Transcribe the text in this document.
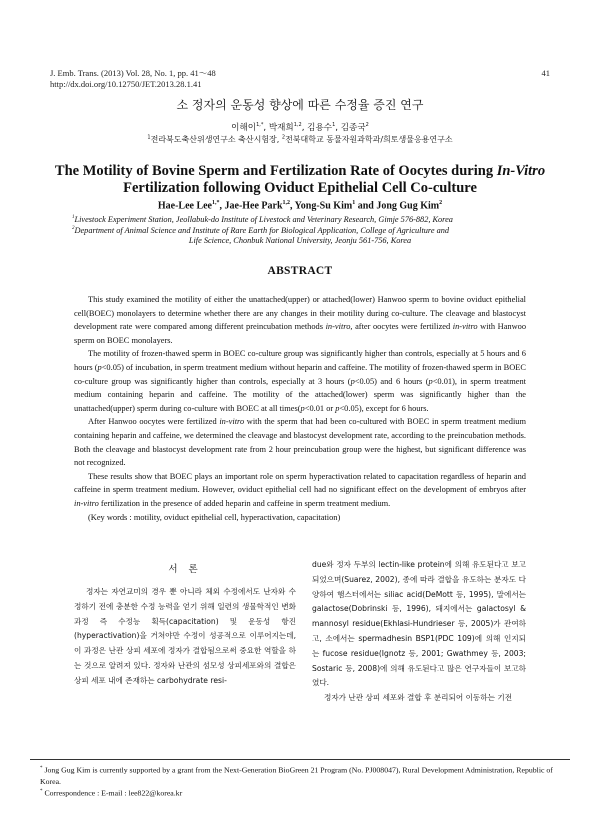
J. Emb. Trans. (2013) Vol. 28, No. 1, pp. 41～48
http://dx.doi.org/10.12750/JET.2013.28.1.41
41
소 정자의 운동성 향상에 따른 수정율 증진 연구
이해이$^{1,*}$, 박재희$^{1,2}$, 김용수$^1$, 김종국$^2$
$^1$전라북도축산위생연구소 축산시험장, $^2$전북대학교 동물자원과학과/희토생물응용연구소
The Motility of Bovine Sperm and Fertilization Rate of Oocytes during In-Vitro
Fertilization following Oviduct Epithelial Cell Co-culture
Hae-Lee Lee$^{1,*}$, Jae-Hee Park$^{1,2}$, Yong-Su Kim$^1$ and Jong Gug Kim$^2$
$^1$Livestock Experiment Station, Jeollabuk-do Institute of Livestock and Veterinary Research, Gimje 576-882, Korea
$^2$Department of Animal Science and Institute of Rare Earth for Biological Application, College of Agriculture and
Life Science, Chonbuk National University, Jeonju 561-756, Korea
ABSTRACT

This study examined the motility of either the unattached(upper) or attached(lower) Hanwoo sperm to bovine oviduct epithelial cell(BOEC) monolayers to determine whether there are any changes in their motility during co-culture. The cleavage and blastocyst development rate were compared among different preincubation methods in-vitro, after oocytes were fertilized in-vitro with Hanwoo sperm on BOEC monolayers.

The motility of frozen-thawed sperm in BOEC co-culture group was significantly higher than controls, especially at 5 hours and 6 hours (p<0.05) of incubation, in sperm treatment medium without heparin and caffeine. The motility of frozen-thawed sperm in BOEC co-culture group was significantly higher than controls, especially at 3 hours (p<0.05) and 6 hours (p<0.01), in sperm treatment medium containing heparin and caffeine. The motility of the attached(lower) sperm was significantly higher than the unattached(upper) sperm during co-culture with BOEC at all times(p<0.01 or p<0.05), except for 6 hours.

After Hanwoo oocytes were fertilized in-vitro with the sperm that had been co-cultured with BOEC in sperm treatment medium containing heparin and caffeine, we determined the cleavage and blastocyst development rate, according to the preincubation methods. Both the cleavage and blastocyst development rate from 2 hour preincubation group were the highest, but significant difference was not recognized.

These results show that BOEC plays an important role on sperm hyperactivation related to capacitation regardless of heparin and caffeine in sperm treatment medium. However, oviduct epithelial cell had no significant effect on the development of embryos after in-vitro fertilization in the presence of added heparin and caffeine in sperm treatment medium.

(Key words : motility, oviduct epithelial cell, hyperactivation, capacitation)

서 론

정자는 자연교미의 경우 뿐 아니라 체외 수정에서도 난자와 수정하기 전에 충분한 수정 능력을 얻기 위해 일련의 생물학적인 변화과정 즉 수정능 획득(capacitation) 및 운동성 항진(hyperactivation)을 거쳐야만 수정이 성공적으로 이루어지는데, 이 과정은 난관 상피 세포에 정자가 결합됨으로써 중요한 역할을 하는 것으로 알려져 있다. 정자와 난관의 섬모성 상피세포와의 결합은 상피 세포 내에 존재하는 carbohydrate resi-

due와 정자 두부의 lectin-like protein에 의해 유도된다고 보고되었으며(Suarez, 2002), 종에 따라 결합을 유도하는 분자도 다양하여 햄스터에서는 siliac acid(DeMott 등, 1995), 말에서는 galactose(Dobrinski 등, 1996), 돼지에서는 galactosyl & mannosyl residue(Ekhlasi-Hundrieser 등, 2005)가 관여하고, 소에서는 spermadhesin BSP1(PDC 109)에 의해 인지되는 fucose residue(Ignotz 등, 2001; Gwathmey 등, 2003; Sostaric 등, 2008)에 의해 유도된다고 많은 연구자들이 보고하였다.

정자가 난관 상피 세포와 결합 후 분리되어 이동하는 기전

* Jong Gug Kim is currently supported by a grant from the Next-Generation BioGreen 21 Program (No. PJ008047), Rural Development Administration, Republic of Korea.
* Correspondence : E-mail : lee822@korea.kr
